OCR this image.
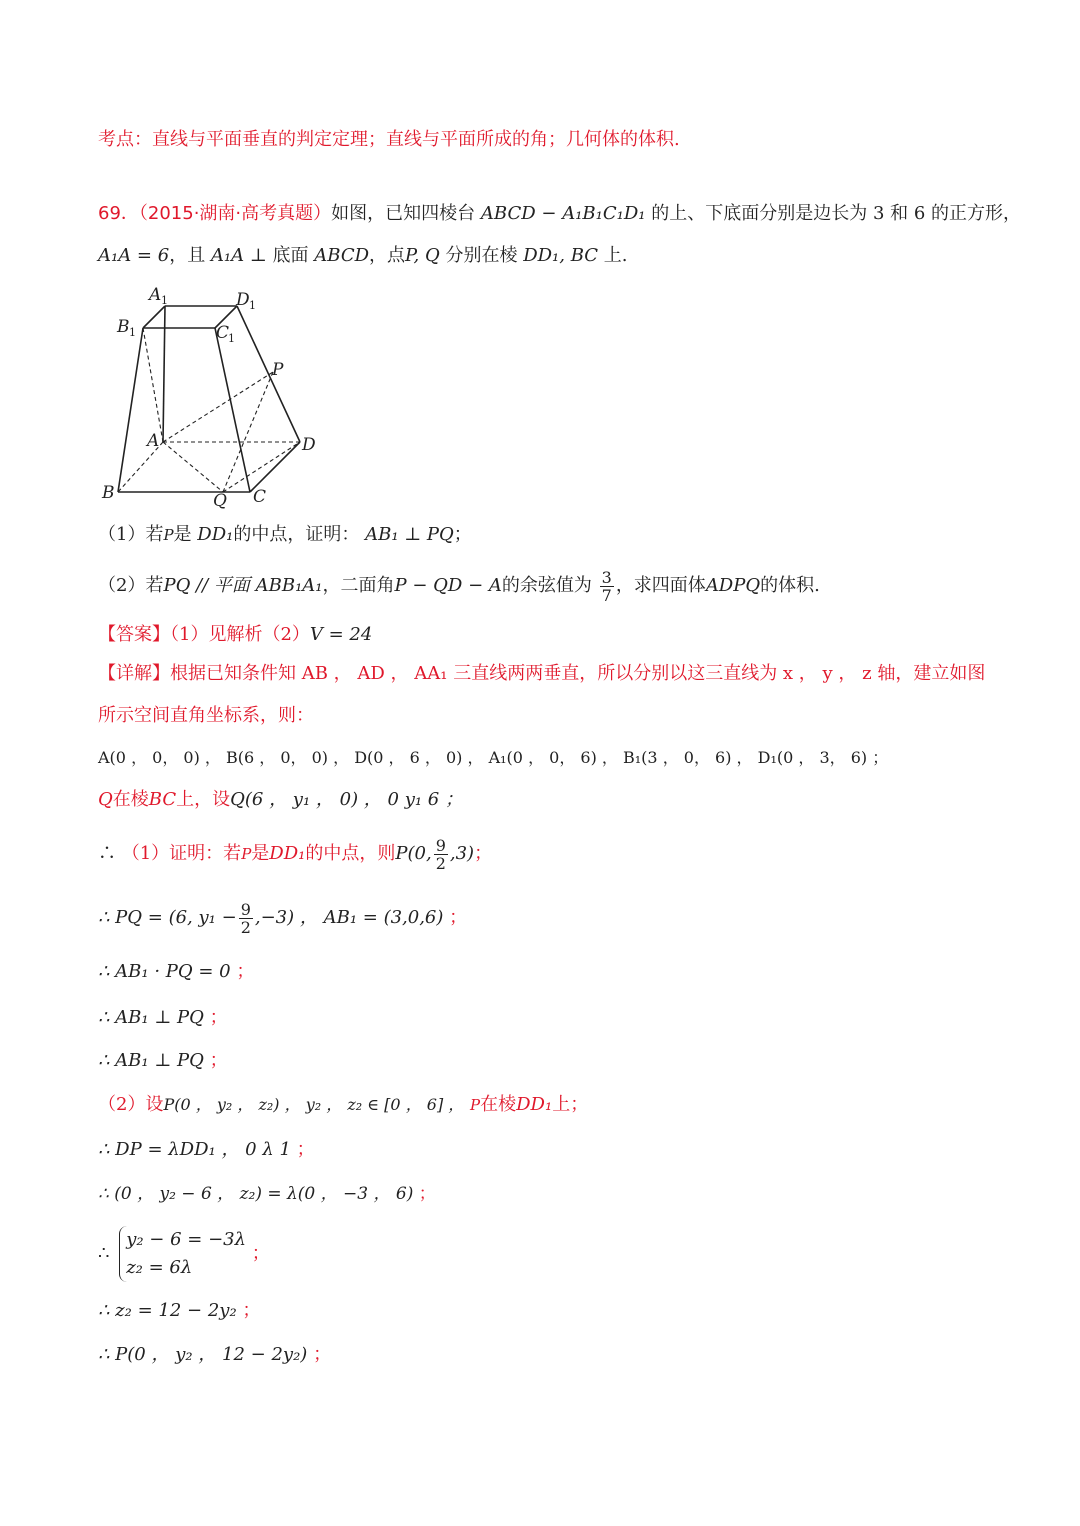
考点：直线与平面垂直的判定定理；直线与平面所成的角；几何体的体积.
69．（2015·湖南·高考真题）如图，已知四棱台 ABCD − A₁B₁C₁D₁ 的上、下底面分别是边长为 3 和 6 的正方形，
A₁A = 6，且 A₁A ⊥ 底面 ABCD，点P, Q 分别在棱 DD₁, BC 上.
A 1	D 1
B 1	C
1
P
A	D
B	Q C
（1）若P是 DD₁的中点，证明： AB₁ ⊥ PQ；
（2）若PQ // 平面 ABB₁A₁，二面角P − QD − A的余弦值为 $\frac{3}{7}$ ，求四面体ADPQ的体积.
【答案】（1）见解析（2）V = 24
【详解】根据已知条件知 AB ， AD ， AA₁ 三直线两两垂直，所以分别以这三直线为 x ， y ， z 轴，建立如图
所示空间直角坐标系，则：
A(0 ， 0， 0) ， B(6 ， 0， 0) ， D(0 ， 6 ， 0) ， A₁(0 ， 0， 6) ， B₁(3 ， 0， 6) ， D₁(0 ， 3， 6) ；
Q在棱BC上，设Q(6 ， y₁ ， 0) ， 0 y₁ 6 ；
∴ （1）证明：若P是DD₁的中点，则P(0, $\frac{9}{2} ,3$)；
∴ PQ = (6, $y_1 - \frac{9}{2} ,-3$) ， AB₁ = (3,0,6) ；
∴ AB₁ · PQ = 0 ；
∴ AB₁ ⊥ PQ ；
∴ AB₁ ⊥ PQ ；
（2）设P(0 ， y₂ ， z₂) ， y₂ ， z₂ ∈ [0 ， 6] ， P在棱DD₁上；
∴ DP = λDD₁ ， 0 λ 1 ；
∴ (0 ， y₂ − 6 ， z₂) = λ(0 ， −3 ， 6) ；
∴
y₂ − 6 = −3λ
z₂ = 6λ
；
∴ z₂ = 12 − 2y₂ ；
∴ P(0 ， y₂ ， 12 − 2y₂) ；
